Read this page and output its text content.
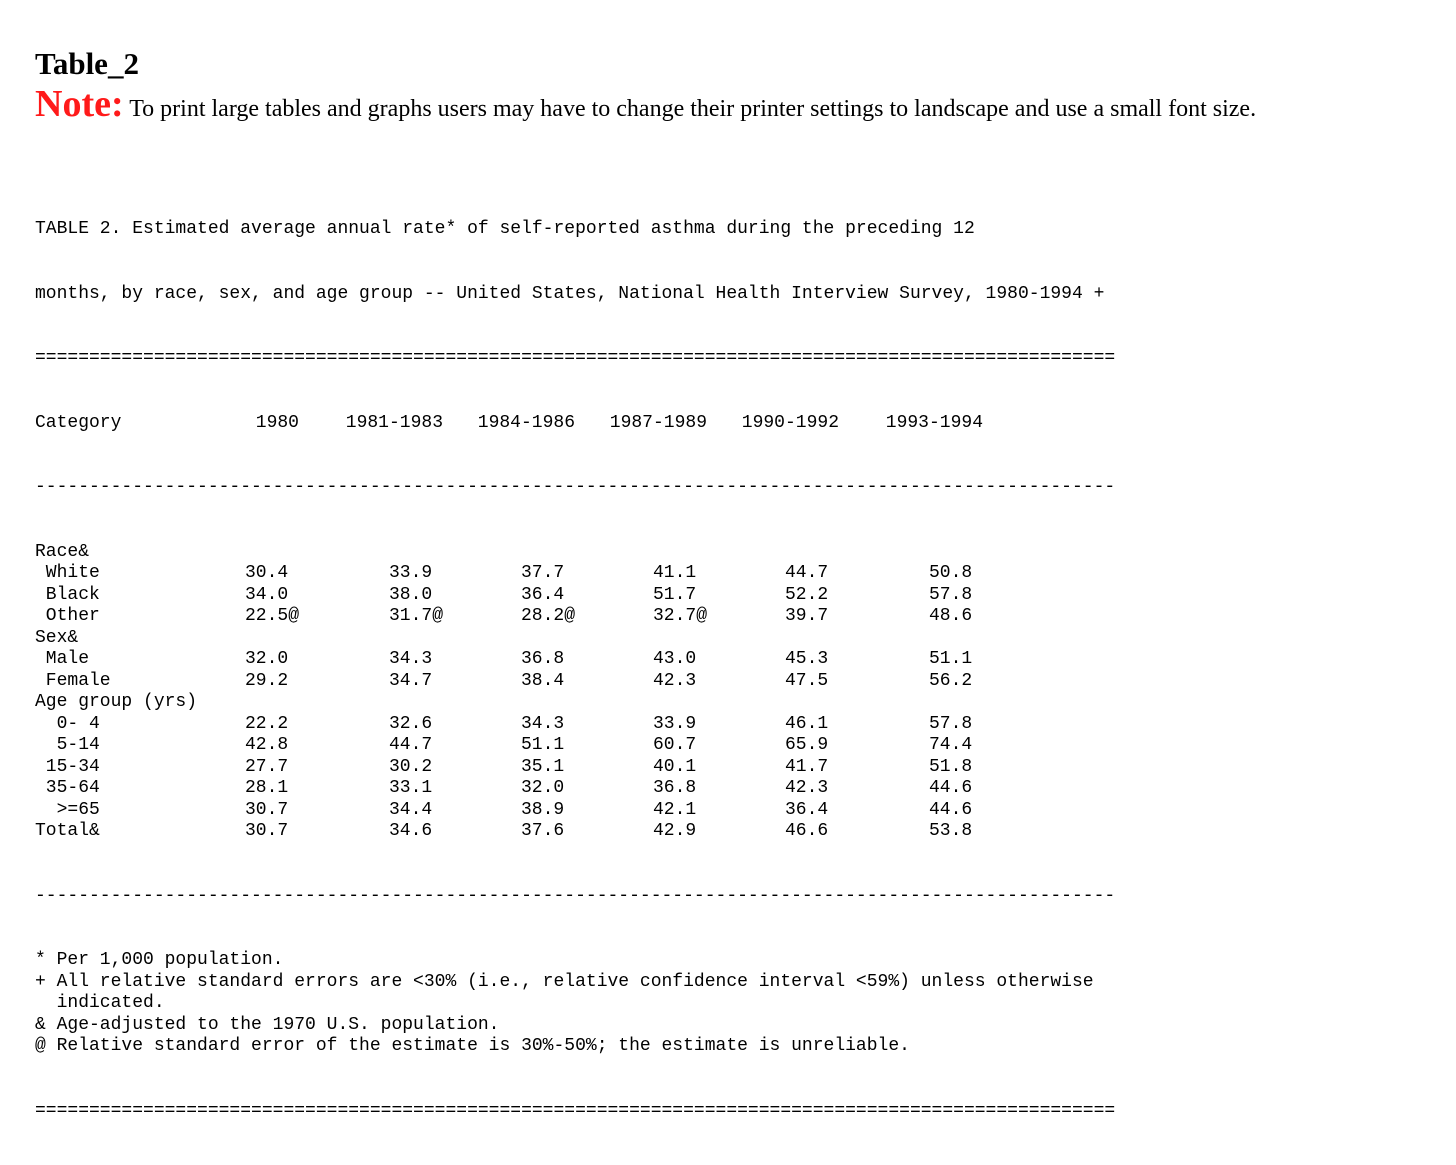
Table_2
Note: To print large tables and graphs users may have to change their printer settings to landscape and use a small font size.

TABLE 2. Estimated average annual rate* of self-reported asthma during the preceding 12

months, by race, sex, and age group -- United States, National Health Interview Survey, 1980-1994 +

====================================================================================================

Category	1980	1981-1983 1984-1986 1987-1989 1990-1992	1993-1994

----------------------------------------------------------------------------------------------------

Race&
White	30.4	33.9	37.7	41.1	44.7	50.8
Black	34.0	38.0	36.4	51.7	52.2	57.8
Other	22.5@	31.7@	28.2@	32.7@	39.7	48.6
Sex&
Male	32.0	34.3	36.8	43.0	45.3	51.1
Female	29.2	34.7	38.4	42.3	47.5	56.2
Age group (yrs)
0- 4	22.2	32.6	34.3	33.9	46.1	57.8
5-14	42.8	44.7	51.1	60.7	65.9	74.4
15-34	27.7	30.2	35.1	40.1	41.7	51.8
35-64	28.1	33.1	32.0	36.8	42.3	44.6
>=65	30.7	34.4	38.9	42.1	36.4	44.6
Total&	30.7	34.6	37.6	42.9	46.6	53.8

----------------------------------------------------------------------------------------------------

* Per 1,000 population.
+ All relative standard errors are <30% (i.e., relative confidence interval <59%) unless otherwise
indicated.
& Age-adjusted to the 1970 U.S. population.
@ Relative standard error of the estimate is 30%-50%; the estimate is unreliable.

====================================================================================================
